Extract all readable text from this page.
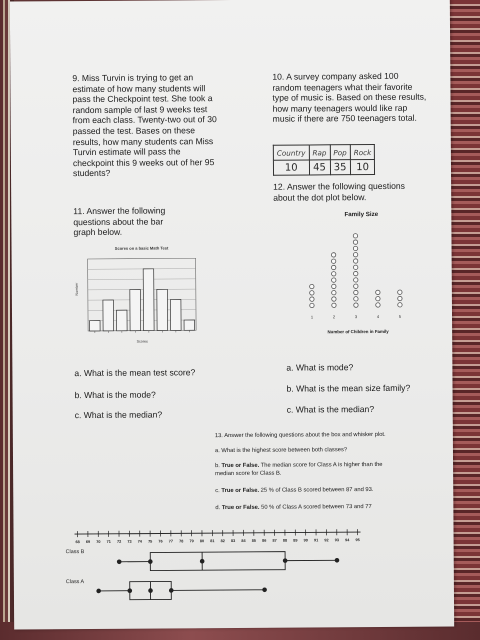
9. Miss Turvin is trying to get an
estimate of how many students will
pass the Checkpoint test. She took a
random sample of last 9 weeks test
from each class. Twenty-two out of 30
passed the test. Bases on these
results, how many students can Miss
Turvin estimate will pass the
checkpoint this 9 weeks out of her 95
students?
10. A survey company asked 100
random teenagers what their favorite
type of music is. Based on these results,
how many teenagers would like rap
music if there are 750 teenagers total.
Country	Rap	Pop	Rock
10	45	35	10
12. Answer the following questions
about the dot plot below.
11. Answer the following
questions about the bar
graph below.
Scores on a basic Math Test
Number
Scores
Family Size
1	2	3	4	5
Number of Children in Family
a. What is the mean test score?
b. What is the mode?
c. What is the median?
a. What is mode?
b. What is the mean size family?
c. What is the median?
13. Answer the following questions about the box and whisker plot.
a. What is the highest score between both classes?
b. True or False. The median score for Class A is higher than the
median score for Class B.
c. True or False. 25 % of Class B scored between 87 and 93.
d. True or False. 50 % of Class A scored between 73 and 77
68 69 70 71 72 73 74 75 76 77 78 79 80 81 82 83 84 85 86 87 88 89 90 91 92 93 94 95
Class B
Class A
